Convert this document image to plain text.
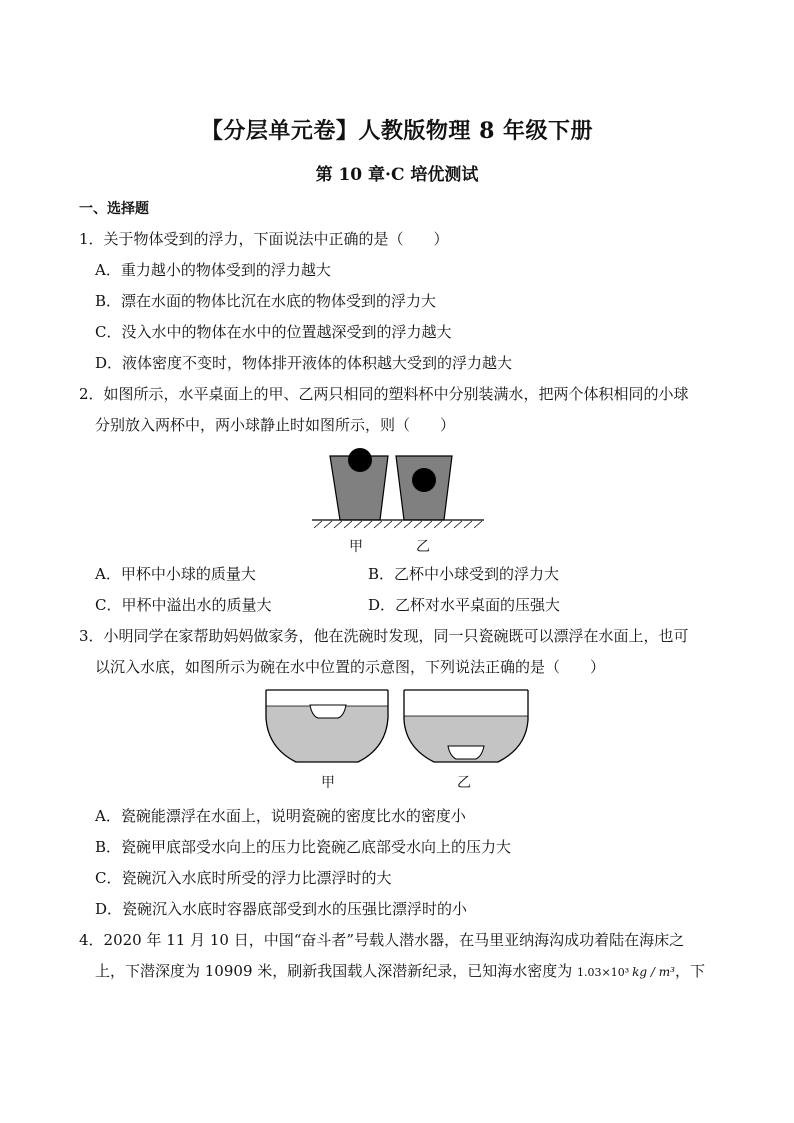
【分层单元卷】人教版物理 8 年级下册
第 10 章·C 培优测试
一、选择题
1．关于物体受到的浮力，下面说法中正确的是（　　）
A．重力越小的物体受到的浮力越大
B．漂在水面的物体比沉在水底的物体受到的浮力大
C．没入水中的物体在水中的位置越深受到的浮力越大
D．液体密度不变时，物体排开液体的体积越大受到的浮力越大
2．如图所示，水平桌面上的甲、乙两只相同的塑料杯中分别装满水，把两个体积相同的小球
分别放入两杯中，两小球静止时如图所示，则（　　）
甲	乙
A．甲杯中小球的质量大	B．乙杯中小球受到的浮力大
C．甲杯中溢出水的质量大	D．乙杯对水平桌面的压强大
3．小明同学在家帮助妈妈做家务，他在洗碗时发现，同一只瓷碗既可以漂浮在水面上，也可
以沉入水底，如图所示为碗在水中位置的示意图，下列说法正确的是（　　）
甲	乙
A．瓷碗能漂浮在水面上，说明瓷碗的密度比水的密度小
B．瓷碗甲底部受水向上的压力比瓷碗乙底部受水向上的压力大
C．瓷碗沉入水底时所受的浮力比漂浮时的大
D．瓷碗沉入水底时容器底部受到水的压强比漂浮时的小
4．2020 年 11 月 10 日，中国“奋斗者”号载人潜水器，在马里亚纳海沟成功着陆在海床之
上，下潜深度为 10909 米，刷新我国载人深潜新纪录，已知海水密度为 1.03×10³ kg / m³，下
